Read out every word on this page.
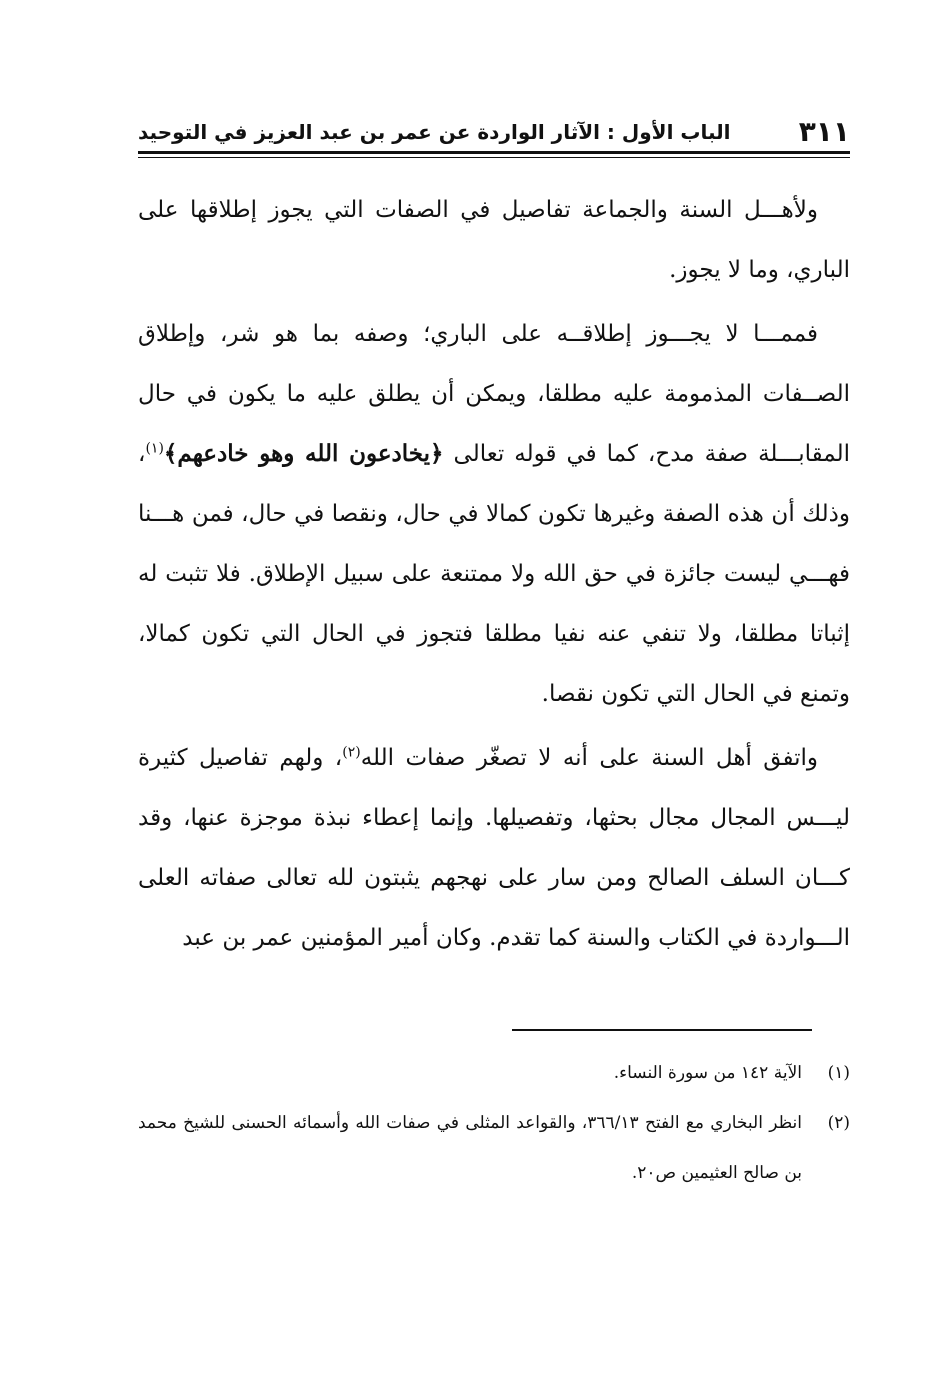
٣١١
الباب الأول : الآثار الواردة عن عمر بن عبد العزيز في التوحيد

ولأهـــل السنة والجماعة تفاصيل في الصفات التي يجوز إطلاقها على الباري، وما لا يجوز.

فممـــا لا يجـــوز إطلاقــه على الباري؛ وصفه بما هو شر، وإطلاق الصــفات المذمومة عليه مطلقا، ويمكن أن يطلق عليه ما يكون في حال المقابـــلة صفة مدح، كما في قوله تعالى ﴿يخادعون الله وهو خادعهم﴾$^{(١)}$، وذلك أن هذه الصفة وغيرها تكون كمالا في حال، ونقصا في حال، فمن هـــنا فهـــي ليست جائزة في حق الله ولا ممتنعة على سبيل الإطلاق. فلا تثبت له إثباتا مطلقا، ولا تنفي عنه نفيا مطلقا فتجوز في الحال التي تكون كمالا، وتمنع في الحال التي تكون نقصا.

واتفق أهل السنة على أنه لا تصغّر صفات الله$^{(٢)}$، ولهم تفاصيل كثيرة ليـــس المجال مجال بحثها، وتفصيلها. وإنما إعطاء نبذة موجزة عنها، وقد كـــان السلف الصالح ومن سار على نهجهم يثبتون لله تعالى صفاته العلى الـــواردة في الكتاب والسنة كما تقدم. وكان أمير المؤمنين عمر بن عبد

(١)
الآية ١٤٢ من سورة النساء.
(٢)
انظر البخاري مع الفتح ٣٦٦/١٣، والقواعد المثلى في صفات الله وأسمائه الحسنى للشيخ محمد بن صالح العثيمين ص٢٠.
